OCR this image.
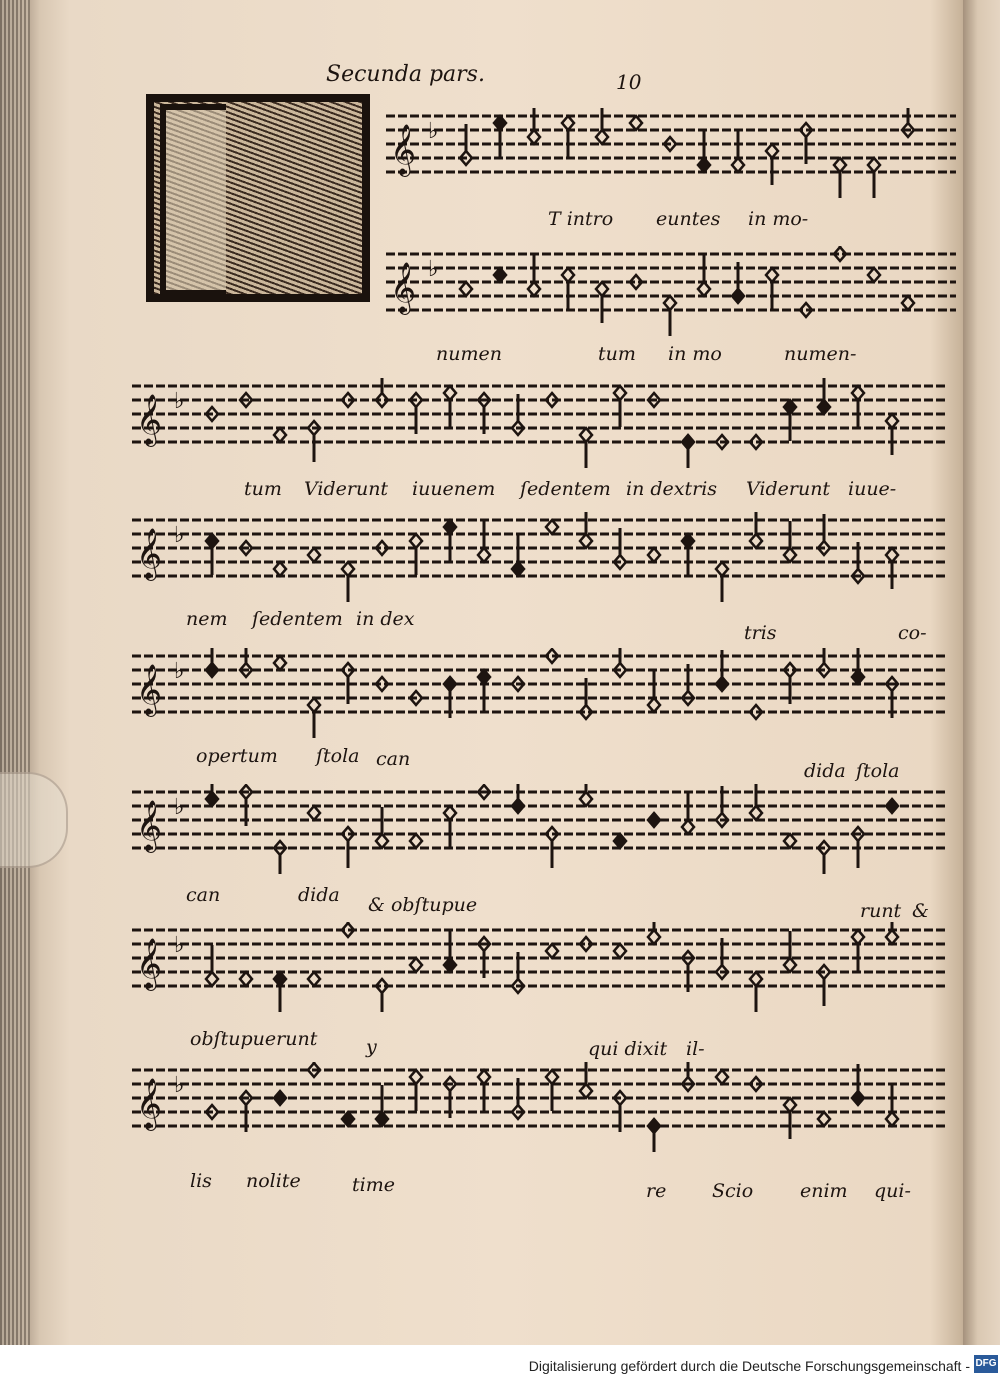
Secunda pars.	10
𝄞 ♭
𝄞 ♭
𝄞 ♭
𝄞 ♭
𝄞 ♭
𝄞 ♭
𝄞 ♭
𝄞 ♭
T intro euntes in mo-
numen	tum in mo	numen-
tum Viderunt iuuenem ſedentem in dextris Viderunt iuue-
nem ſedentem in dex
tris	co-
opertum ſtola can
dida ſtola
can	dida & obſtupue	runt &
obſtupuerunt	y	qui dixit il-
lis nolite	time	re Scio enim qui-
Digitalisierung gefördert durch die Deutsche Forschungsgemeinschaft - DFG
